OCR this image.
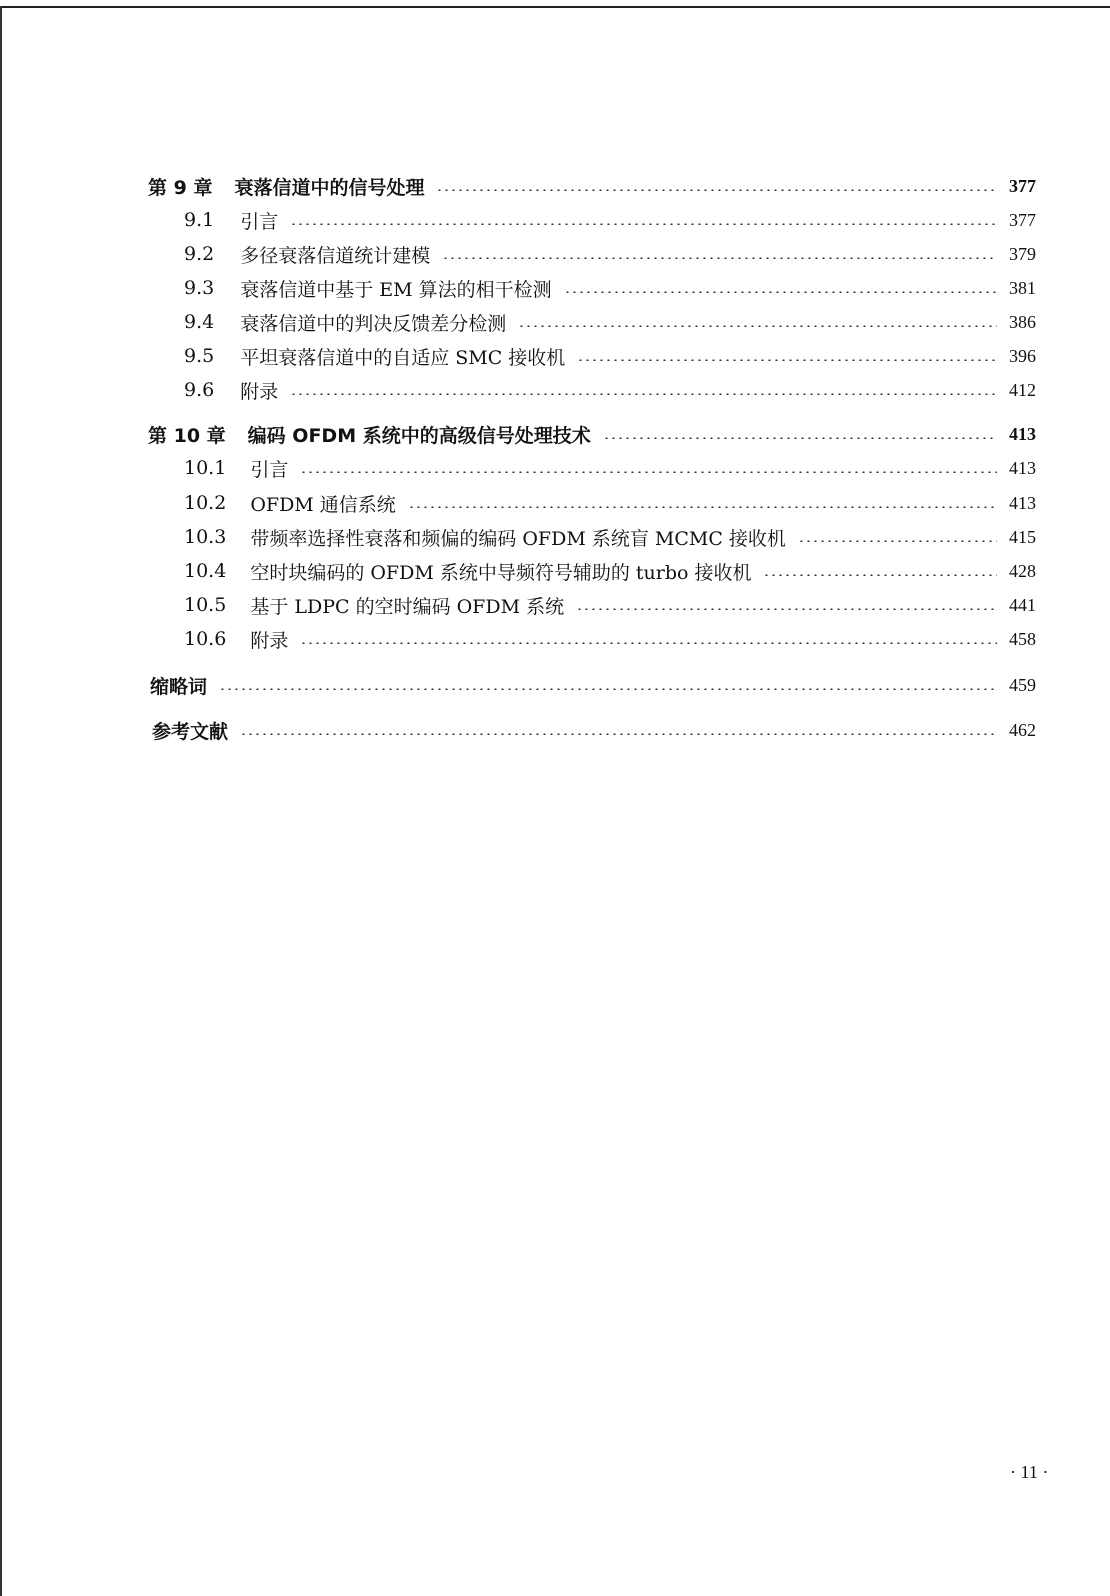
第 9 章 衰落信道中的信号处理	377
9.1 引言	377
9.2 多径衰落信道统计建模	379
9.3 衰落信道中基于 EM 算法的相干检测	381
9.4 衰落信道中的判决反馈差分检测	386
9.5 平坦衰落信道中的自适应 SMC 接收机	396
9.6 附录	412
第 10 章 编码 OFDM 系统中的高级信号处理技术	413
10.1 引言	413
10.2 OFDM 通信系统	413
10.3 带频率选择性衰落和频偏的编码 OFDM 系统盲 MCMC 接收机	415
10.4 空时块编码的 OFDM 系统中导频符号辅助的 turbo 接收机	428
10.5 基于 LDPC 的空时编码 OFDM 系统	441
10.6 附录	458
缩略词	459
参考文献	462
· 11 ·
